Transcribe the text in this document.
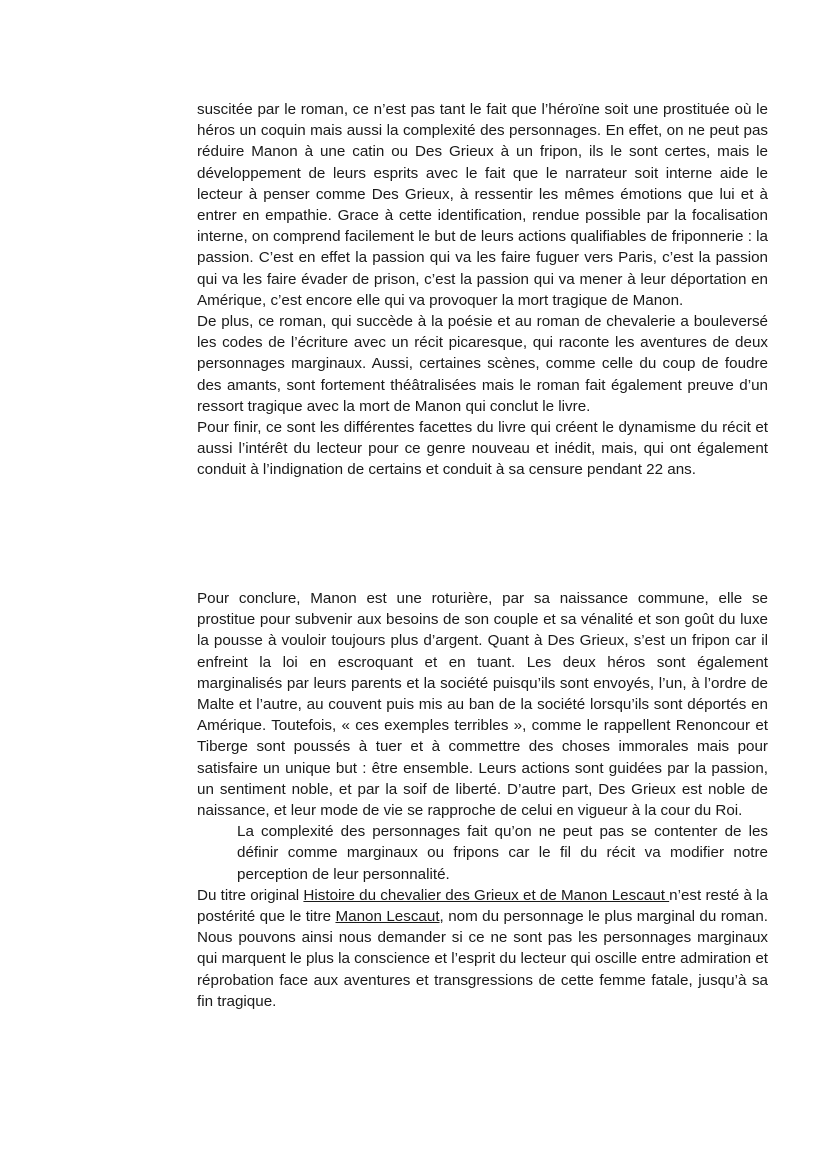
suscitée par le roman, ce n’est pas tant le fait que l’héroïne soit une prostituée où le héros un coquin mais aussi la complexité des personnages. En effet, on ne peut pas réduire Manon à une catin ou Des Grieux à un fripon, ils le sont certes, mais le développement de leurs esprits avec le fait que le narrateur soit interne aide le lecteur à penser comme Des Grieux, à ressentir les mêmes émotions que lui et à entrer en empathie. Grace à cette identification, rendue possible par la focalisation interne, on comprend facilement le but de leurs actions qualifiables de friponnerie : la passion. C’est en effet la passion qui va les faire fuguer vers Paris, c’est la passion qui va les faire évader de prison, c’est la passion qui va mener à leur déportation en Amérique, c’est encore elle qui va provoquer la mort tragique de Manon.

De plus, ce roman, qui succède à la poésie et au roman de chevalerie a bouleversé les codes de l’écriture avec un récit picaresque, qui raconte les aventures de deux personnages marginaux. Aussi, certaines scènes, comme celle du coup de foudre des amants, sont fortement théâtralisées mais le roman fait également preuve d’un ressort tragique avec la mort de Manon qui conclut le livre.

Pour finir, ce sont les différentes facettes du livre qui créent le dynamisme du récit et aussi l’intérêt du lecteur pour ce genre nouveau et inédit, mais, qui ont également conduit à l’indignation de certains et conduit à sa censure pendant 22 ans.

Pour conclure, Manon est une roturière, par sa naissance commune, elle se prostitue pour subvenir aux besoins de son couple et sa vénalité et son goût du luxe la pousse à vouloir toujours plus d’argent. Quant à Des Grieux, s’est un fripon car il enfreint la loi en escroquant et en tuant. Les deux héros sont également marginalisés par leurs parents et la société puisqu’ils sont envoyés, l’un, à l’ordre de Malte et l’autre, au couvent puis mis au ban de la société lorsqu’ils sont déportés en Amérique. Toutefois, « ces exemples terribles », comme le rappellent Renoncour et Tiberge sont poussés à tuer et à commettre des choses immorales mais pour satisfaire un unique but : être ensemble. Leurs actions sont guidées par la passion, un sentiment noble, et par la soif de liberté. D’autre part, Des Grieux est noble de naissance, et leur mode de vie se rapproche de celui en vigueur à la cour du Roi.

La complexité des personnages fait qu’on ne peut pas se contenter de les définir comme marginaux ou fripons car le fil du récit va modifier notre perception de leur personnalité.

Du titre original Histoire du chevalier des Grieux et de Manon Lescaut n’est resté à la postérité que le titre Manon Lescaut, nom du personnage le plus marginal du roman. Nous pouvons ainsi nous demander si ce ne sont pas les personnages marginaux qui marquent le plus la conscience et l’esprit du lecteur qui oscille entre admiration et réprobation face aux aventures et transgressions de cette femme fatale, jusqu’à sa fin tragique.
